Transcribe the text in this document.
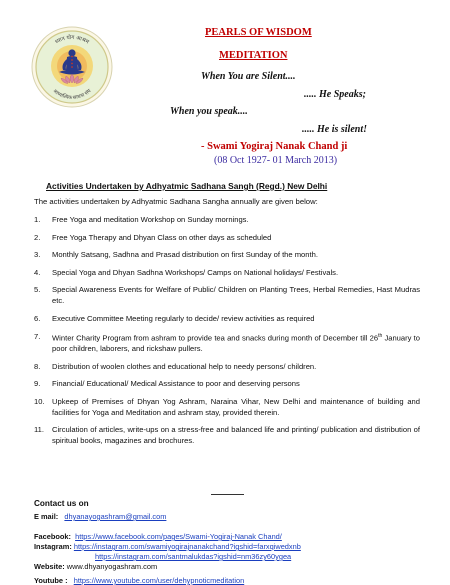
ध्यान योग आश्रम
आध्यात्मिक साधना संघ
PEARLS OF WISDOM
MEDITATION
When You are Silent....
..... He Speaks;
When you speak....
..... He is silent!
- Swami Yogiraj Nanak Chand ji
(08 Oct 1927- 01 March 2013)
Activities Undertaken by Adhyatmic Sadhana Sangh (Regd.) New Delhi
The activities undertaken by Adhyatmic Sadhana Sangha annually are given below:
1. Free Yoga and meditation Workshop on Sunday mornings.
2. Free Yoga Therapy and Dhyan Class on other days as scheduled
3. Monthly Satsang, Sadhna and Prasad distribution on first Sunday of the month.
4. Special Yoga and Dhyan Sadhna Workshops/ Camps on National holidays/ Festivals.
5. Special Awareness Events for Welfare of Public/ Children on Planting Trees, Herbal Remedies, Hast Mudras etc.
6. Executive Committee Meeting regularly to decide/ review activities as required
7. Winter Charity Program from ashram to provide tea and snacks during month of December till 26th January to poor children, laborers, and rickshaw pullers.
8. Distribution of woolen clothes and educational help to needy persons/ children.
9. Financial/ Educational/ Medical Assistance to poor and deserving persons
10. Upkeep of Premises of Dhyan Yog Ashram, Naraina Vihar, New Delhi and maintenance of building and facilities for Yoga and Meditation and ashram stay, provided therein.
11. Circulation of articles, write-ups on a stress-free and balanced life and printing/ publication and distribution of spiritual books, magazines and brochures.
Contact us on
E mail: dhyanayogashram@gmail.com
Facebook: https://www.facebook.com/pages/Swami-Yogiraj-Nanak Chand/
Instagram: https://instagram.com/swamiyogirajnanakchand?igshid=farxqiwedxnb
https://instagram.com/santmalukdas?igshid=nm36zy60ygea
Website: www.dhyanyogashram.com
Youtube : https://www.youtube.com/user/dehypnoticmeditation
